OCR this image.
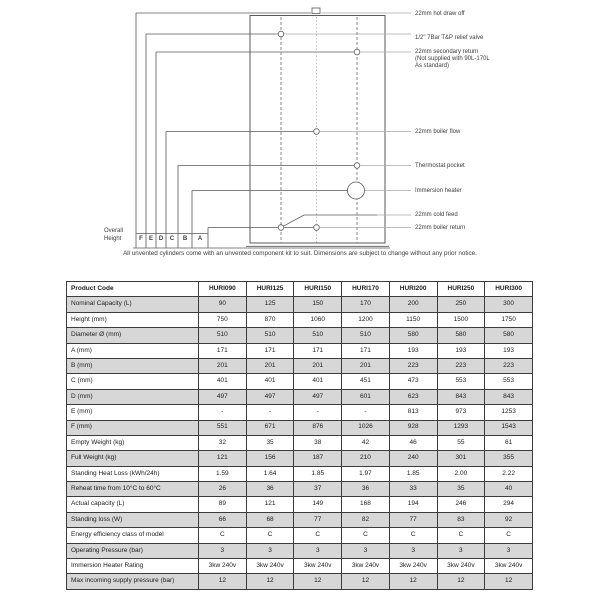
22mm hot draw off
1/2" 7Bar T&P relief valve
22mm secondary return
(Not supplied with 90L-170L
As standard)
22mm boiler flow
Thermostat pocket
Immersion heater
22mm cold feed
22mm boiler return
Overall Height	F	E D	C	B	A
All unvented cylinders come with an unvented component kit to suit. Dimensions are subject to change without any prior notice.
Product Code	HURI090	HURI125	HURI150	HURI170	HURI200	HURI250	HURI300
Nominal Capacity (L)	90	125	150	170	200	250	300
Height (mm)	750	870	1060	1200	1150	1500	1750
Diameter Ø (mm)	510	510	510	510	580	580	580
A (mm)	171	171	171	171	193	193	193
B (mm)	201	201	201	201	223	223	223
C (mm)	401	401	401	451	473	553	553
D (mm)	497	497	497	601	623	843	843
E (mm)	-	-	-	-	813	973	1253
F (mm)	551	671	876	1026	928	1293	1543
Empty Weight (kg)	32	35	38	42	46	55	61
Full Weight (kg)	121	156	187	210	240	301	355
Standing Heat Loss (kWh/24h)	1.59	1.64	1.85	1.97	1.85	2.00	2.22
Reheat time from 10°C to 60°C	26	36	37	36	33	35	40
Actual capacity (L)	89	121	149	168	194	246	294
Standing loss (W)	66	68	77	82	77	83	92
Energy efficiency class of model	C	C	C	C	C	C	C
Operating Pressure (bar)	3	3	3	3	3	3	3
Immersion Heater Rating	3kw 240v	3kw 240v	3kw 240v	3kw 240v	3kw 240v	3kw 240v	3kw 240v
Max incoming supply pressure (bar)	12	12	12	12	12	12	12
